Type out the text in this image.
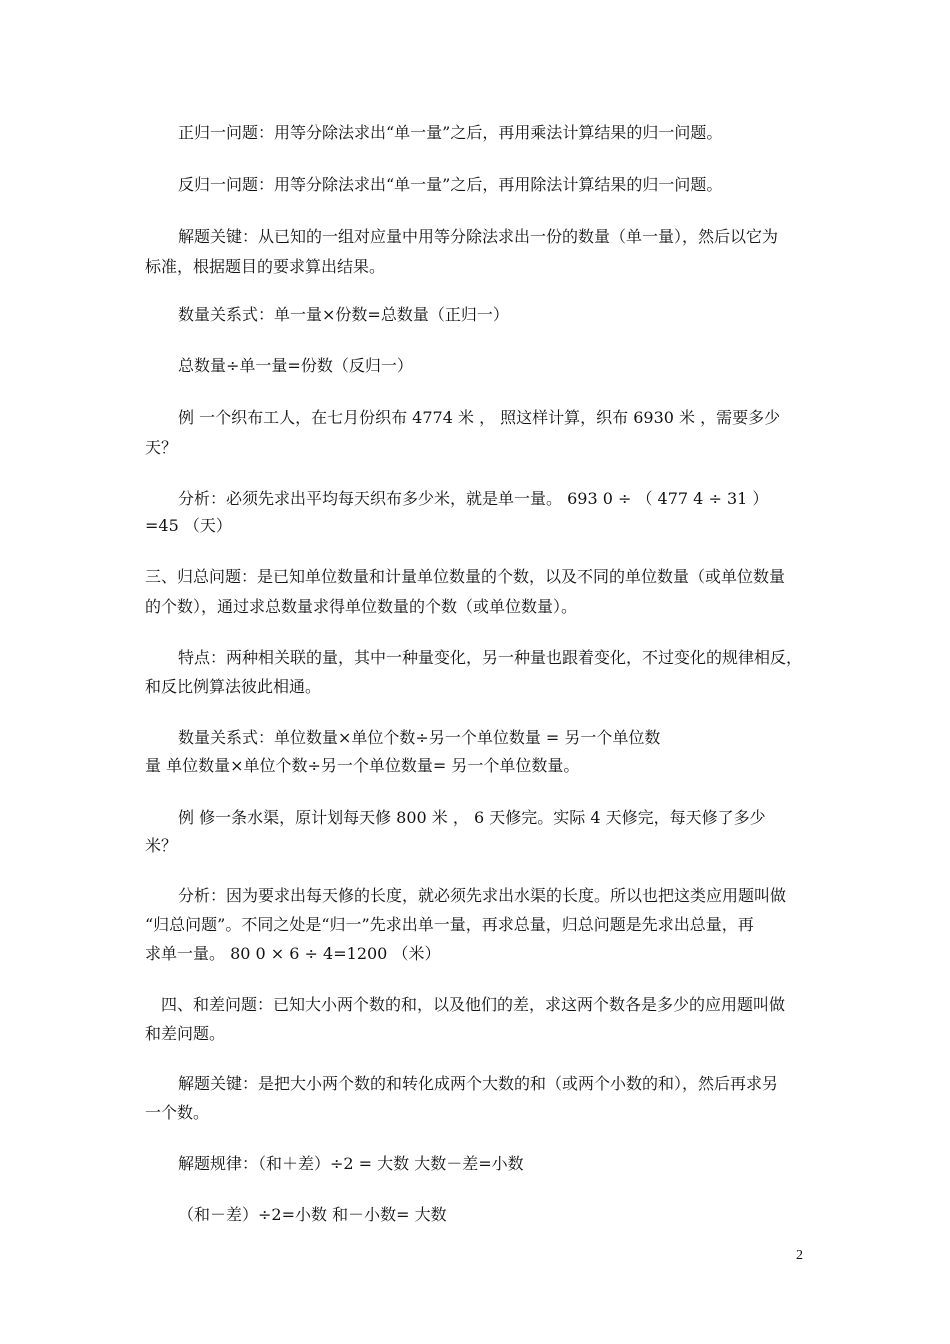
正归一问题：用等分除法求出“单一量”之后，再用乘法计算结果的归一问题。
反归一问题：用等分除法求出“单一量”之后，再用除法计算结果的归一问题。
解题关键：从已知的一组对应量中用等分除法求出一份的数量（单一量），然后以它为
标准，根据题目的要求算出结果。
数量关系式：单一量×份数=总数量（正归一）
总数量÷单一量=份数（反归一）
例 一个织布工人，在七月份织布 4774 米 ， 照这样计算，织布 6930 米 ，需要多少
天？
分析：必须先求出平均每天织布多少米，就是单一量。 693 0 ÷ （ 477 4 ÷ 31 ）
=45 （天）
三、归总问题：是已知单位数量和计量单位数量的个数，以及不同的单位数量（或单位数量
的个数），通过求总数量求得单位数量的个数（或单位数量）。
特点：两种相关联的量，其中一种量变化，另一种量也跟着变化，不过变化的规律相反，
和反比例算法彼此相通。
数量关系式：单位数量×单位个数÷另一个单位数量 = 另一个单位数
量 单位数量×单位个数÷另一个单位数量= 另一个单位数量。
例 修一条水渠，原计划每天修 800 米 ， 6 天修完。实际 4 天修完，每天修了多少
米？
分析：因为要求出每天修的长度，就必须先求出水渠的长度。所以也把这类应用题叫做
“归总问题”。不同之处是“归一”先求出单一量，再求总量，归总问题是先求出总量，再
求单一量。 80 0 × 6 ÷ 4=1200 （米）
四、和差问题：已知大小两个数的和，以及他们的差，求这两个数各是多少的应用题叫做
和差问题。
解题关键：是把大小两个数的和转化成两个大数的和（或两个小数的和），然后再求另
一个数。
解题规律：（和＋差）÷2 = 大数 大数－差=小数
（和－差）÷2=小数 和－小数= 大数
2
